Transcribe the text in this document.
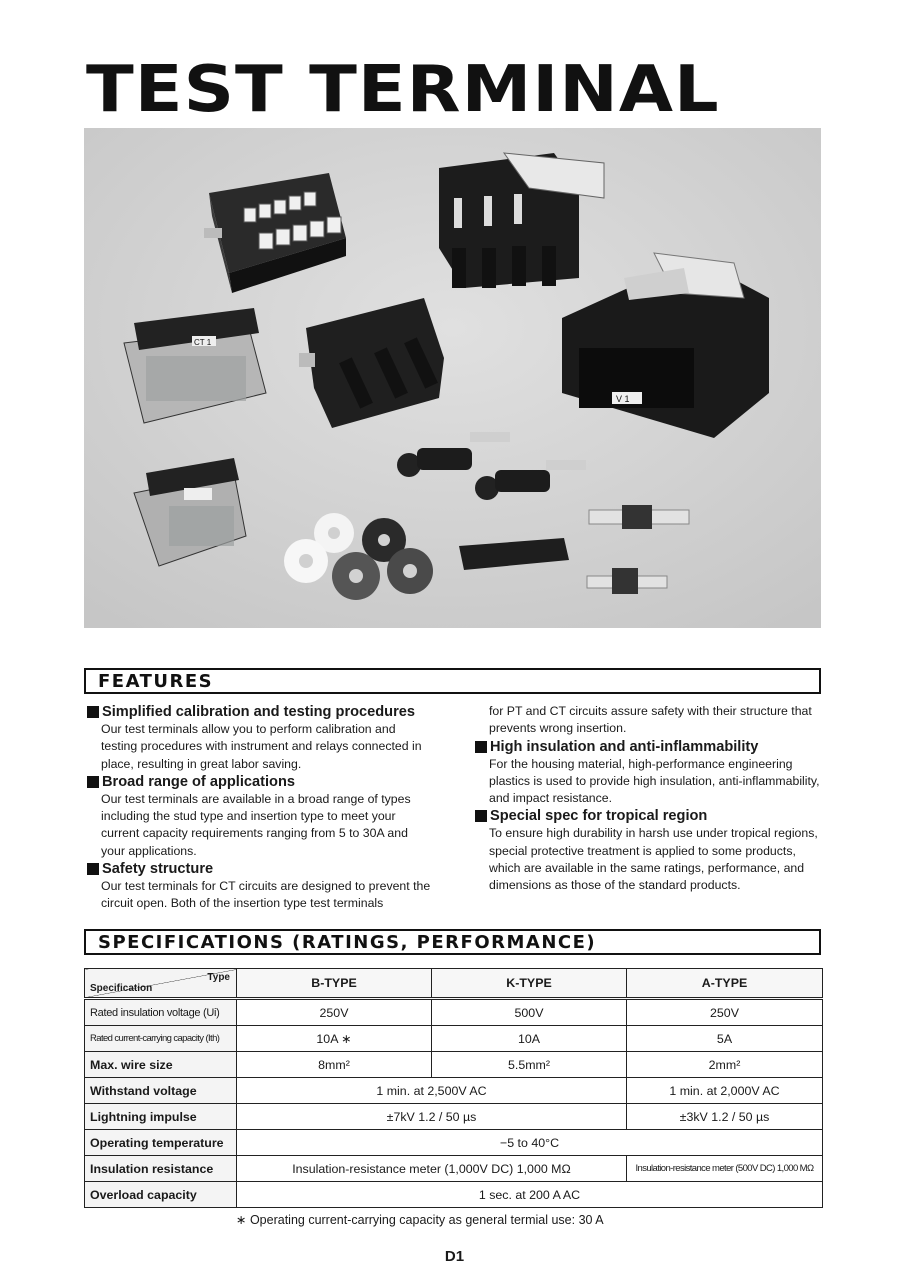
TEST TERMINAL
V 1
CT 1
FEATURES
Simplified calibration and testing procedures

Our test terminals allow you to perform calibration and testing procedures with instrument and relays connected in place, resulting in great labor saving.

Broad range of applications

Our test terminals are available in a broad range of types including the stud type and insertion type to meet your current capacity requirements ranging from 5 to 30A and your applications.

Safety structure

Our test terminals for CT circuits are designed to prevent the circuit open. Both of the insertion type test terminals

for PT and CT circuits assure safety with their structure that prevents wrong insertion.

High insulation and anti-inflammability

For the housing material, high-performance engineering plastics is used to provide high insulation, anti-inflammability, and impact resistance.

Special spec for tropical region

To ensure high durability in harsh use under tropical regions, special protective treatment is applied to some products, which are available in the same ratings, performance, and dimensions as those of the standard products.

SPECIFICATIONS (RATINGS, PERFORMANCE)
Type
Specification	B-TYPE	K-TYPE	A-TYPE
Rated insulation voltage (Ui)	250V	500V	250V
Rated current-carrying capacity (Ith)	10A ∗	10A	5A
Max. wire size	8mm²	5.5mm²	2mm²
Withstand voltage	1 min. at 2,500V AC		1 min. at 2,000V AC
Lightning impulse	±7kV 1.2 / 50 µs		±3kV 1.2 / 50 µs
Operating temperature	−5 to 40°C		
Insulation resistance	Insulation-resistance meter (1,000V DC) 1,000 MΩ		Insulation-resistance meter (500V DC) 1,000 MΩ
Overload capacity	1 sec. at 200 A AC		
∗ Operating current-carrying capacity as general termial use: 30 A
D1
